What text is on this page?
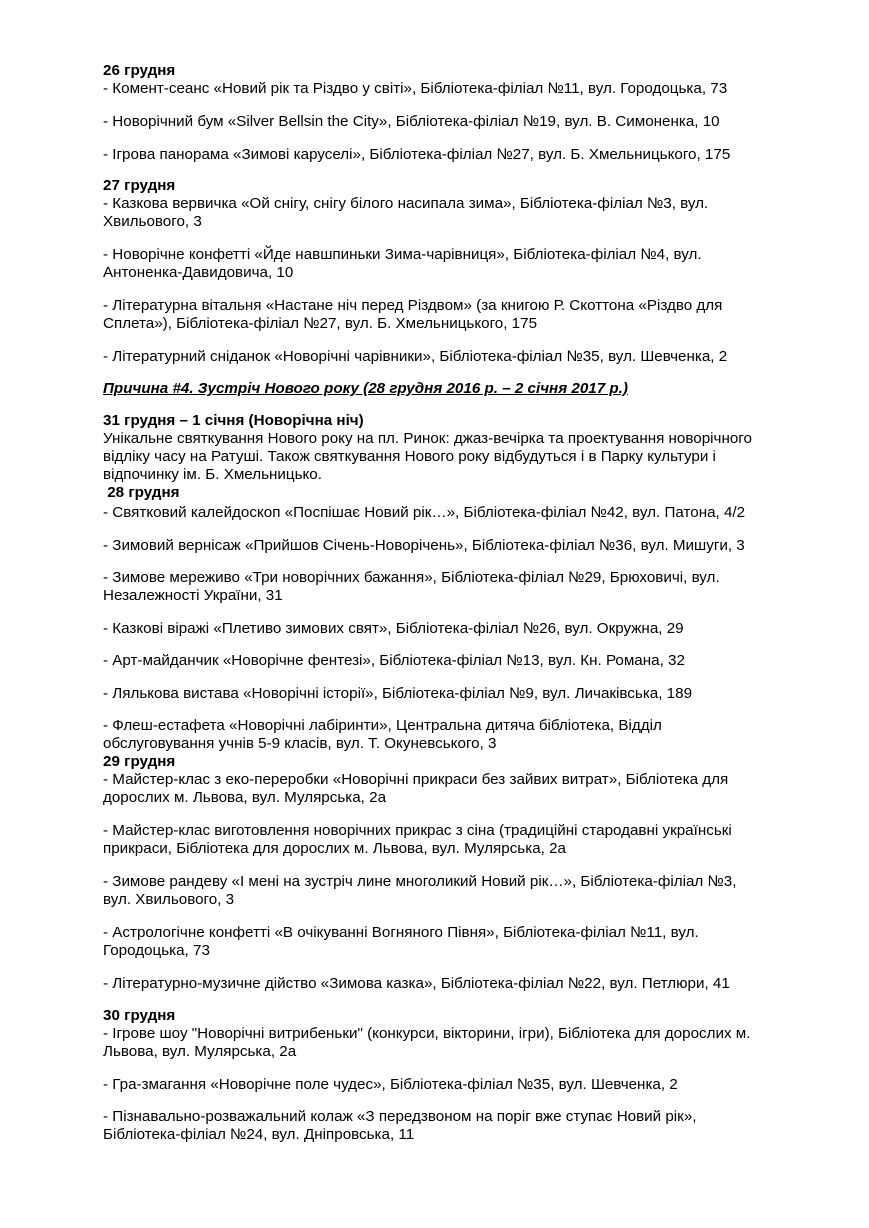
26 грудня
- Комент-сеанс «Новий рік та Різдво у світі», Бібліотека-філіал №11, вул. Городоцька, 73
- Новорічний бум «Silver Bellsin the City», Бібліотека-філіал №19, вул. В. Симоненка, 10
- Ігрова панорама «Зимові каруселі», Бібліотека-філіал №27, вул. Б. Хмельницького, 175
27 грудня
- Казкова вервичка «Ой снігу, снігу білого насипала зима», Бібліотека-філіал №3, вул.
Хвильового, 3
- Новорічне конфетті «Йде навшпиньки Зима-чарівниця», Бібліотека-філіал №4, вул.
Антоненка-Давидовича, 10
- Літературна вітальня «Настане ніч перед Різдвом» (за книгою Р. Скоттона «Різдво для
Сплета»), Бібліотека-філіал №27, вул. Б. Хмельницького, 175
- Літературний сніданок «Новорічні чарівники», Бібліотека-філіал №35, вул. Шевченка, 2
Причина #4. Зустріч Нового року (28 грудня 2016 р. – 2 січня 2017 р.)
31 грудня – 1 січня (Новорічна ніч)
Унікальне святкування Нового року на пл. Ринок: джаз-вечірка та проектування новорічного
відліку часу на Ратуші. Також святкування Нового року відбудуться і в Парку культури і
відпочинку ім. Б. Хмельницько.
28 грудня
- Святковий калейдоскоп «Поспішає Новий рік…», Бібліотека-філіал №42, вул. Патона, 4/2
- Зимовий вернісаж «Прийшов Січень-Новорічень», Бібліотека-філіал №36, вул. Мишуги, 3
- Зимове мереживо «Три новорічних бажання», Бібліотека-філіал №29, Брюховичі, вул.
Незалежності України, 31
- Казкові віражі «Плетиво зимових свят», Бібліотека-філіал №26, вул. Окружна, 29
- Арт-майданчик «Новорічне фентезі», Бібліотека-філіал №13, вул. Кн. Романа, 32
- Лялькова вистава «Новорічні історії», Бібліотека-філіал №9, вул. Личаківська, 189
- Флеш-естафета «Новорічні лабіринти», Центральна дитяча бібліотека, Відділ
обслуговування учнів 5-9 класів, вул. Т. Окуневського, 3
29 грудня
- Майстер-клас з еко-переробки «Новорічні прикраси без зайвих витрат», Бібліотека для
дорослих м. Львова, вул. Мулярська, 2а
- Майстер-клас виготовлення новорічних прикрас з сіна (традиційні стародавні українські
прикраси, Бібліотека для дорослих м. Львова, вул. Мулярська, 2а
- Зимове рандеву «І мені на зустріч лине многоликий Новий рік…», Бібліотека-філіал №3,
вул. Хвильового, 3
- Астрологічне конфетті «В очікуванні Вогняного Півня», Бібліотека-філіал №11, вул.
Городоцька, 73
- Літературно-музичне дійство «Зимова казка», Бібліотека-філіал №22, вул. Петлюри, 41
30 грудня
- Ігрове шоу "Новорічні витрибеньки" (конкурси, вікторини, ігри), Бібліотека для дорослих м.
Львова, вул. Мулярська, 2а
- Гра-змагання «Новорічне поле чудес», Бібліотека-філіал №35, вул. Шевченка, 2
- Пізнавально-розважальний колаж «З передзвоном на поріг вже ступає Новий рік»,
Бібліотека-філіал №24, вул. Дніпровська, 11
